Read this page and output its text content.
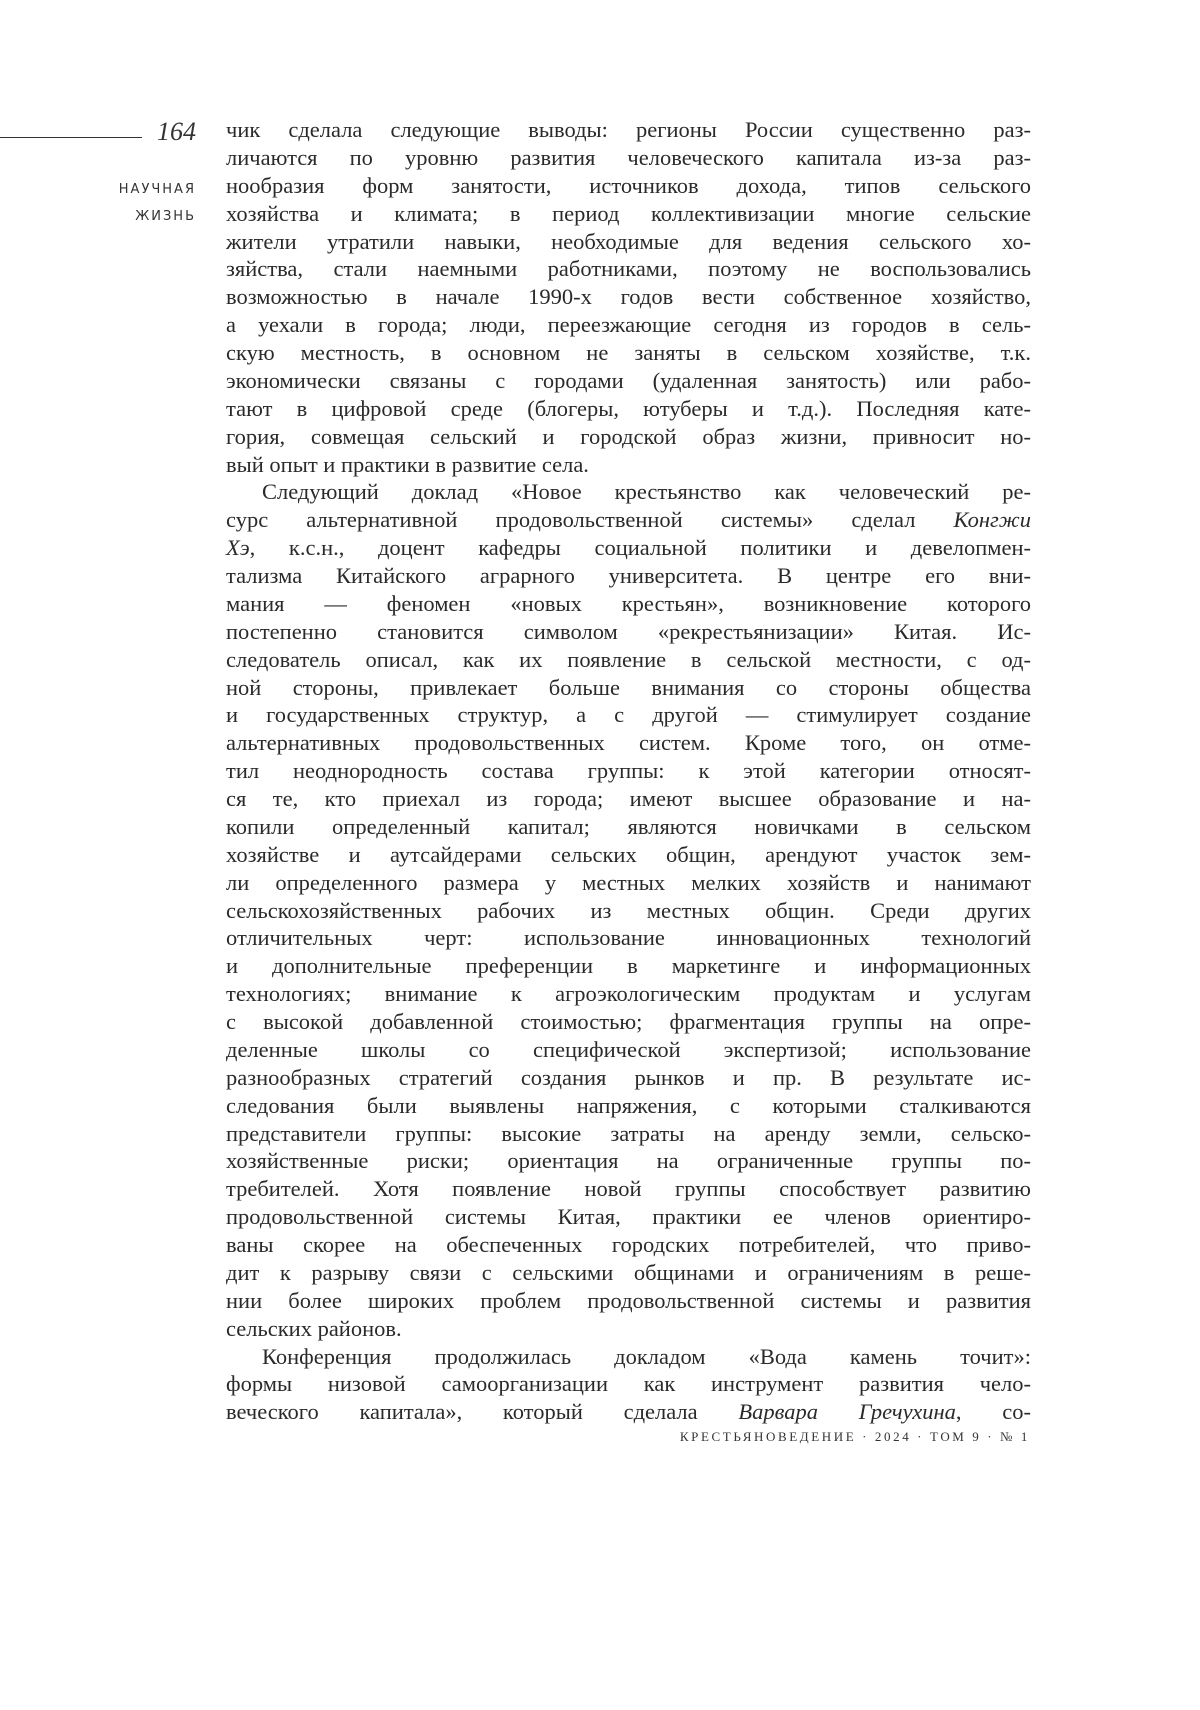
164
НАУЧНАЯ
ЖИЗНЬ
чик сделала следующие выводы: регионы России существенно раз-
личаются по уровню развития человеческого капитала из-за раз-
нообразия форм занятости, источников дохода, типов сельского
хозяйства и климата; в период коллективизации многие сельские
жители утратили навыки, необходимые для ведения сельского хо-
зяйства, стали наемными работниками, поэтому не воспользовались
возможностью в начале 1990-х годов вести собственное хозяйство,
а уехали в города; люди, переезжающие сегодня из городов в сель-
скую местность, в основном не заняты в сельском хозяйстве, т.к.
экономически связаны с городами (удаленная занятость) или рабо-
тают в цифровой среде (блогеры, ютуберы и т.д.). Последняя кате-
гория, совмещая сельский и городской образ жизни, привносит но-
вый опыт и практики в развитие села.
Следующий доклад «Новое крестьянство как человеческий ре-
сурс альтернативной продовольственной системы» сделал Конгжи
Хэ, к.с.н., доцент кафедры социальной политики и девелопмен-
тализма Китайского аграрного университета. В центре его вни-
мания — феномен «новых крестьян», возникновение которого
постепенно становится символом «рекрестьянизации» Китая. Ис-
следователь описал, как их появление в сельской местности, с од-
ной стороны, привлекает больше внимания со стороны общества
и государственных структур, а с другой — стимулирует создание
альтернативных продовольственных систем. Кроме того, он отме-
тил неоднородность состава группы: к этой категории относят-
ся те, кто приехал из города; имеют высшее образование и на-
копили определенный капитал; являются новичками в сельском
хозяйстве и аутсайдерами сельских общин, арендуют участок зем-
ли определенного размера у местных мелких хозяйств и нанимают
сельскохозяйственных рабочих из местных общин. Среди других
отличительных черт: использование инновационных технологий
и дополнительные преференции в маркетинге и информационных
технологиях; внимание к агроэкологическим продуктам и услугам
с высокой добавленной стоимостью; фрагментация группы на опре-
деленные школы со специфической экспертизой; использование
разнообразных стратегий создания рынков и пр. В результате ис-
следования были выявлены напряжения, с которыми сталкиваются
представители группы: высокие затраты на аренду земли, сельско-
хозяйственные риски; ориентация на ограниченные группы по-
требителей. Хотя появление новой группы способствует развитию
продовольственной системы Китая, практики ее членов ориентиро-
ваны скорее на обеспеченных городских потребителей, что приво-
дит к разрыву связи с сельскими общинами и ограничениям в реше-
нии более широких проблем продовольственной системы и развития
сельских районов.
Конференция продолжилась докладом «Вода камень точит»:
формы низовой самоорганизации как инструмент развития чело-
веческого капитала», который сделала Варвара Гречухина, со-
КРЕСТЬЯНОВЕДЕНИЕ · 2024 · ТОМ 9 · № 1
